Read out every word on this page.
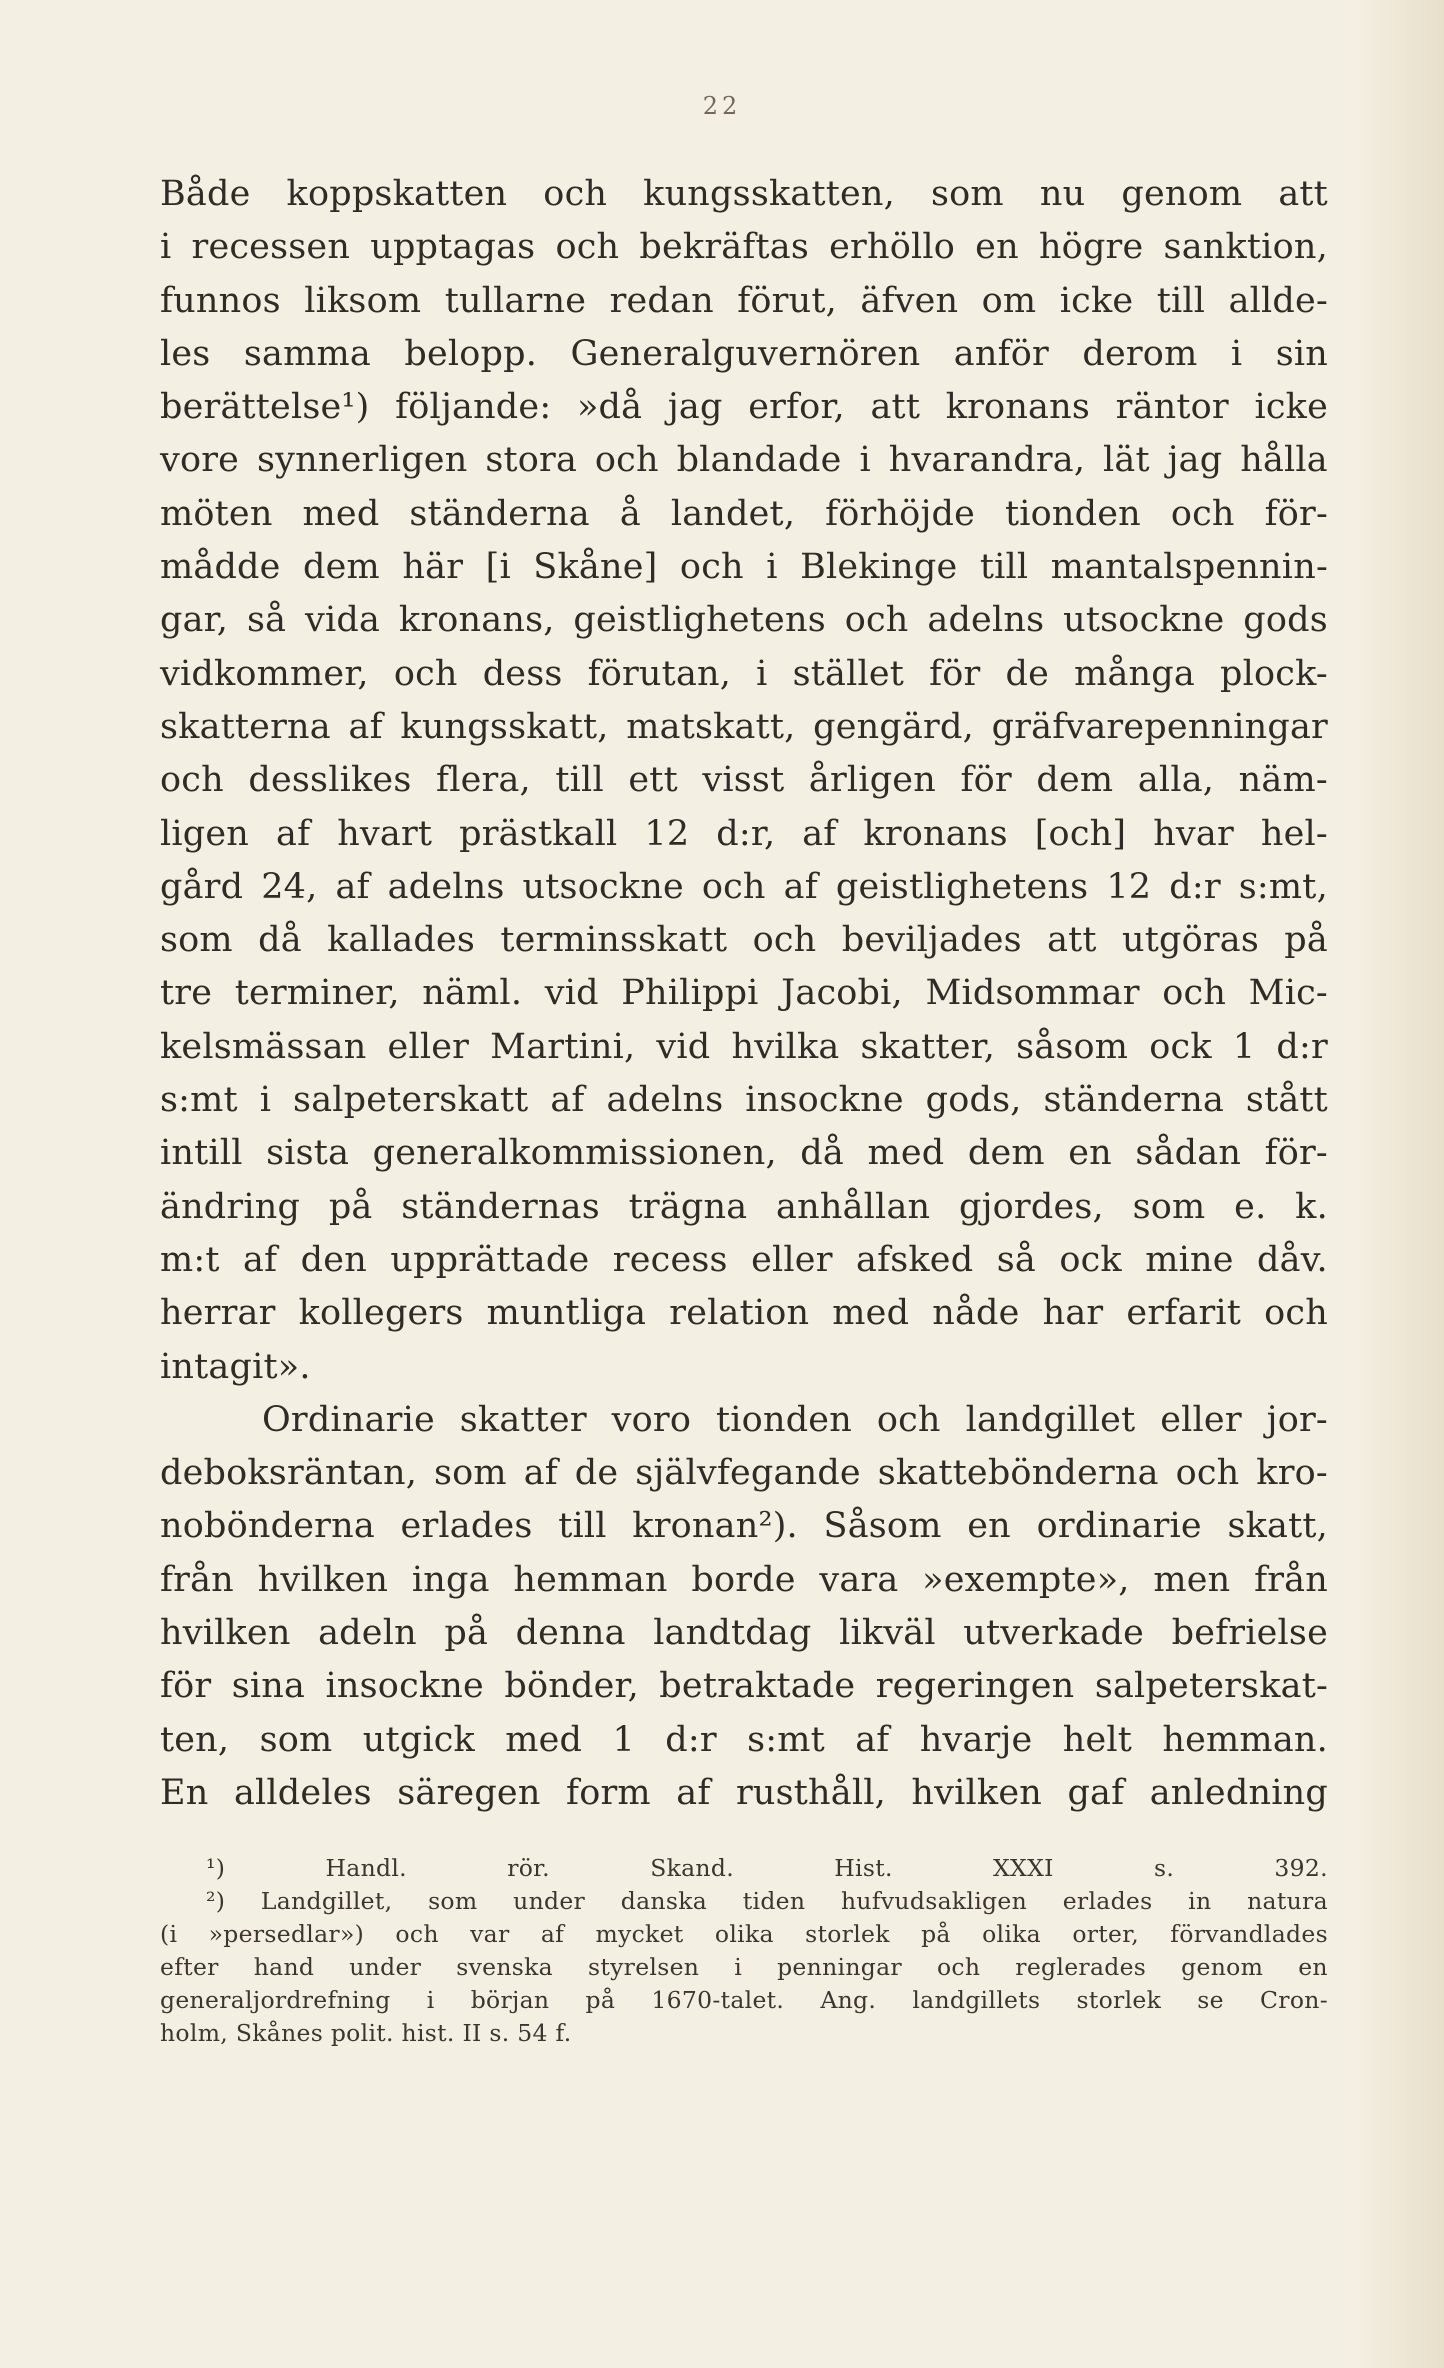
22
Både koppskatten och kungsskatten, som nu genom att
i recessen upptagas och bekräftas erhöllo en högre sanktion,
funnos liksom tullarne redan förut, äfven om icke till allde-
les samma belopp. Generalguvernören anför derom i sin
berättelse¹) följande: »då jag erfor, att kronans räntor icke
vore synnerligen stora och blandade i hvarandra, lät jag hålla
möten med ständerna å landet, förhöjde tionden och för-
mådde dem här [i Skåne] och i Blekinge till mantalspennin-
gar, så vida kronans, geistlighetens och adelns utsockne gods
vidkommer, och dess förutan, i stället för de många plock-
skatterna af kungsskatt, matskatt, gengärd, gräfvarepenningar
och desslikes flera, till ett visst årligen för dem alla, näm-
ligen af hvart prästkall 12 d:r, af kronans [och] hvar hel-
gård 24, af adelns utsockne och af geistlighetens 12 d:r s:mt,
som då kallades terminsskatt och beviljades att utgöras på
tre terminer, näml. vid Philippi Jacobi, Midsommar och Mic-
kelsmässan eller Martini, vid hvilka skatter, såsom ock 1 d:r
s:mt i salpeterskatt af adelns insockne gods, ständerna stått
intill sista generalkommissionen, då med dem en sådan för-
ändring på ständernas trägna anhållan gjordes, som e. k.
m:t af den upprättade recess eller afsked så ock mine dåv.
herrar kollegers muntliga relation med nåde har erfarit och
intagit».
Ordinarie skatter voro tionden och landgillet eller jor-
deboksräntan, som af de självfegande skattebönderna och kro-
nobönderna erlades till kronan²). Såsom en ordinarie skatt,
från hvilken inga hemman borde vara »exempte», men från
hvilken adeln på denna landtdag likväl utverkade befrielse
för sina insockne bönder, betraktade regeringen salpeterskat-
ten, som utgick med 1 d:r s:mt af hvarje helt hemman.
En alldeles säregen form af rusthåll, hvilken gaf anledning
¹)	Handl.	rör.	Skand.	Hist.	XXXI	s.	392.
²) Landgillet, som under danska tiden hufvudsakligen erlades in natura
(i »persedlar») och var af mycket olika storlek på olika orter, förvandlades
efter hand under svenska styrelsen i penningar och reglerades genom en
generaljordrefning i början på 1670-talet. Ang. landgillets storlek se Cron-
holm, Skånes polit. hist. II s. 54 f.
